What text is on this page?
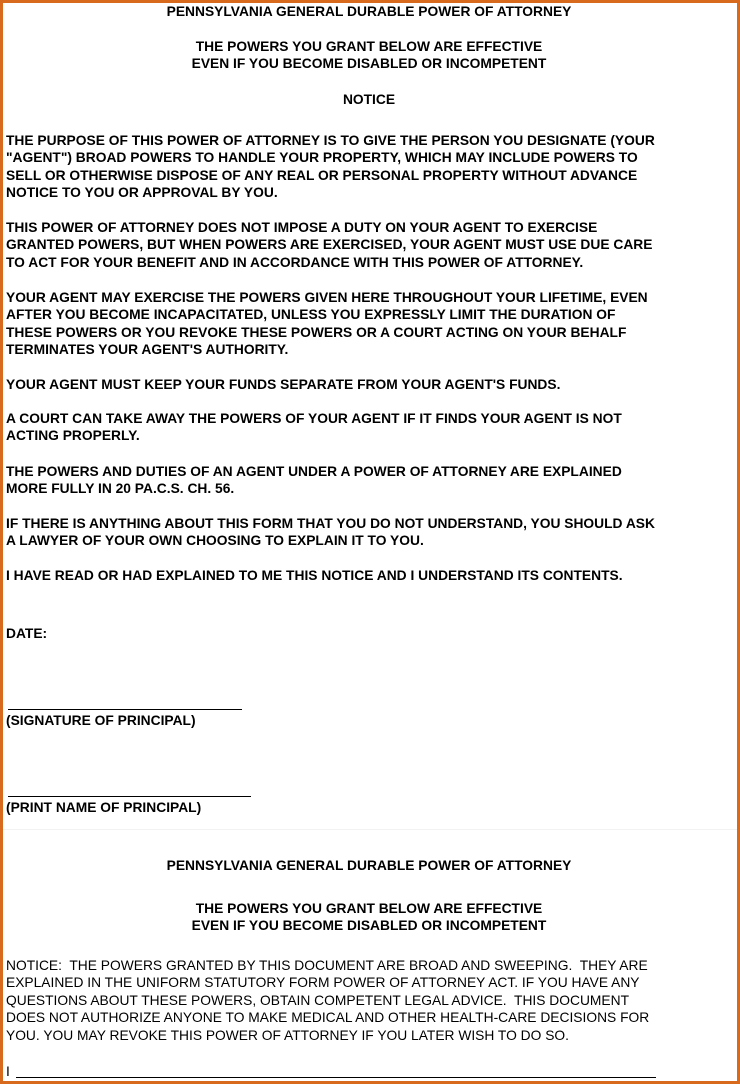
PENNSYLVANIA GENERAL DURABLE POWER OF ATTORNEY

THE POWERS YOU GRANT BELOW ARE EFFECTIVE

EVEN IF YOU BECOME DISABLED OR INCOMPETENT

NOTICE

THE PURPOSE OF THIS POWER OF ATTORNEY IS TO GIVE THE PERSON YOU DESIGNATE (YOUR

"AGENT") BROAD POWERS TO HANDLE YOUR PROPERTY, WHICH MAY INCLUDE POWERS TO

SELL OR OTHERWISE DISPOSE OF ANY REAL OR PERSONAL PROPERTY WITHOUT ADVANCE

NOTICE TO YOU OR APPROVAL BY YOU.

THIS POWER OF ATTORNEY DOES NOT IMPOSE A DUTY ON YOUR AGENT TO EXERCISE

GRANTED POWERS, BUT WHEN POWERS ARE EXERCISED, YOUR AGENT MUST USE DUE CARE

TO ACT FOR YOUR BENEFIT AND IN ACCORDANCE WITH THIS POWER OF ATTORNEY.

YOUR AGENT MAY EXERCISE THE POWERS GIVEN HERE THROUGHOUT YOUR LIFETIME, EVEN

AFTER YOU BECOME INCAPACITATED, UNLESS YOU EXPRESSLY LIMIT THE DURATION OF

THESE POWERS OR YOU REVOKE THESE POWERS OR A COURT ACTING ON YOUR BEHALF

TERMINATES YOUR AGENT'S AUTHORITY.

YOUR AGENT MUST KEEP YOUR FUNDS SEPARATE FROM YOUR AGENT'S FUNDS.

A COURT CAN TAKE AWAY THE POWERS OF YOUR AGENT IF IT FINDS YOUR AGENT IS NOT

ACTING PROPERLY.

THE POWERS AND DUTIES OF AN AGENT UNDER A POWER OF ATTORNEY ARE EXPLAINED

MORE FULLY IN 20 PA.C.S. CH. 56.

IF THERE IS ANYTHING ABOUT THIS FORM THAT YOU DO NOT UNDERSTAND, YOU SHOULD ASK

A LAWYER OF YOUR OWN CHOOSING TO EXPLAIN IT TO YOU.

I HAVE READ OR HAD EXPLAINED TO ME THIS NOTICE AND I UNDERSTAND ITS CONTENTS.

DATE:

(SIGNATURE OF PRINCIPAL)

(PRINT NAME OF PRINCIPAL)

PENNSYLVANIA GENERAL DURABLE POWER OF ATTORNEY

THE POWERS YOU GRANT BELOW ARE EFFECTIVE

EVEN IF YOU BECOME DISABLED OR INCOMPETENT

NOTICE:  THE POWERS GRANTED BY THIS DOCUMENT ARE BROAD AND SWEEPING.  THEY ARE

EXPLAINED IN THE UNIFORM STATUTORY FORM POWER OF ATTORNEY ACT. IF YOU HAVE ANY

QUESTIONS ABOUT THESE POWERS, OBTAIN COMPETENT LEGAL ADVICE.  THIS DOCUMENT

DOES NOT AUTHORIZE ANYONE TO MAKE MEDICAL AND OTHER HEALTH-CARE DECISIONS FOR

YOU. YOU MAY REVOKE THIS POWER OF ATTORNEY IF YOU LATER WISH TO DO SO.

I
